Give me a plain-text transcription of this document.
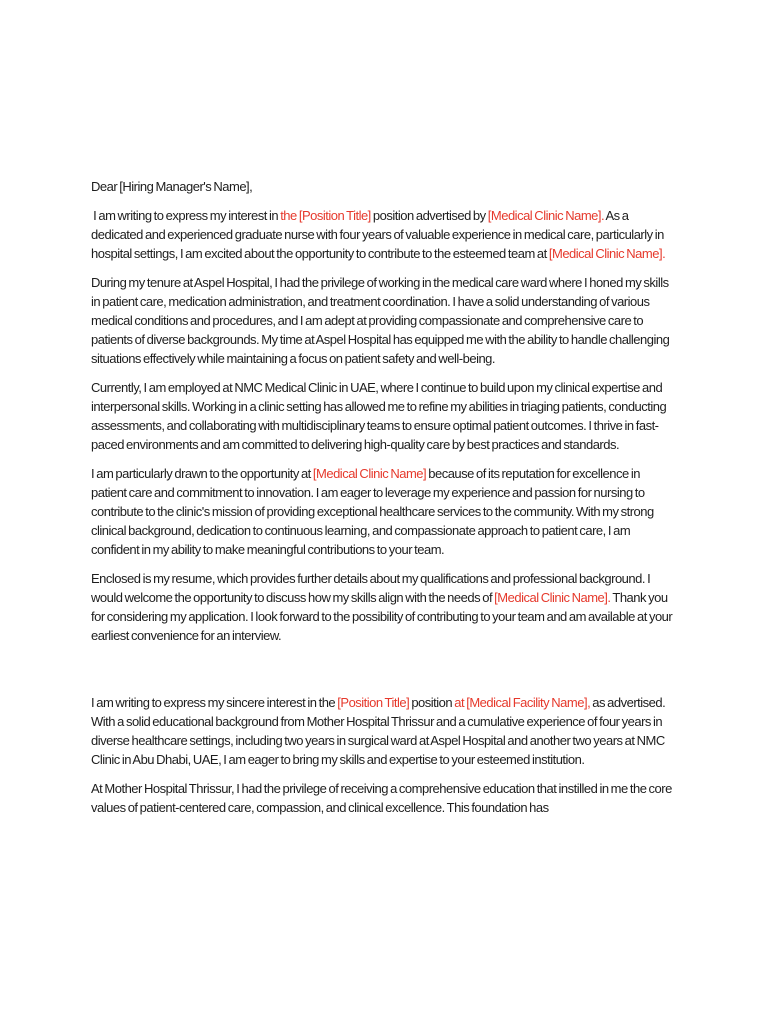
Dear [Hiring Manager's Name],

I am writing to express my interest in the [Position Title] position advertised by [Medical Clinic Name]. As a dedicated and experienced graduate nurse with four years of valuable experience in medical care, particularly in hospital settings, I am excited about the opportunity to contribute to the esteemed team at [Medical Clinic Name].

During my tenure at Aspel Hospital, I had the privilege of working in the medical care ward where I honed my skills in patient care, medication administration, and treatment coordination. I have a solid understanding of various medical conditions and procedures, and I am adept at providing compassionate and comprehensive care to patients of diverse backgrounds. My time at Aspel Hospital has equipped me with the ability to handle challenging situations effectively while maintaining a focus on patient safety and well-being.

Currently, I am employed at NMC Medical Clinic in UAE, where I continue to build upon my clinical expertise and interpersonal skills. Working in a clinic setting has allowed me to refine my abilities in triaging patients, conducting assessments, and collaborating with multidisciplinary teams to ensure optimal patient outcomes. I thrive in fast-paced environments and am committed to delivering high-quality care by best practices and standards.

I am particularly drawn to the opportunity at [Medical Clinic Name] because of its reputation for excellence in patient care and commitment to innovation. I am eager to leverage my experience and passion for nursing to contribute to the clinic's mission of providing exceptional healthcare services to the community. With my strong clinical background, dedication to continuous learning, and compassionate approach to patient care, I am confident in my ability to make meaningful contributions to your team.

Enclosed is my resume, which provides further details about my qualifications and professional background. I would welcome the opportunity to discuss how my skills align with the needs of [Medical Clinic Name]. Thank you for considering my application. I look forward to the possibility of contributing to your team and am available at your earliest convenience for an interview.

I am writing to express my sincere interest in the [Position Title] position at [Medical Facility Name], as advertised. With a solid educational background from Mother Hospital Thrissur and a cumulative experience of four years in diverse healthcare settings, including two years in surgical ward at Aspel Hospital and another two years at NMC Clinic in Abu Dhabi, UAE, I am eager to bring my skills and expertise to your esteemed institution.

At Mother Hospital Thrissur, I had the privilege of receiving a comprehensive education that instilled in me the core values of patient-centered care, compassion, and clinical excellence. This foundation has
